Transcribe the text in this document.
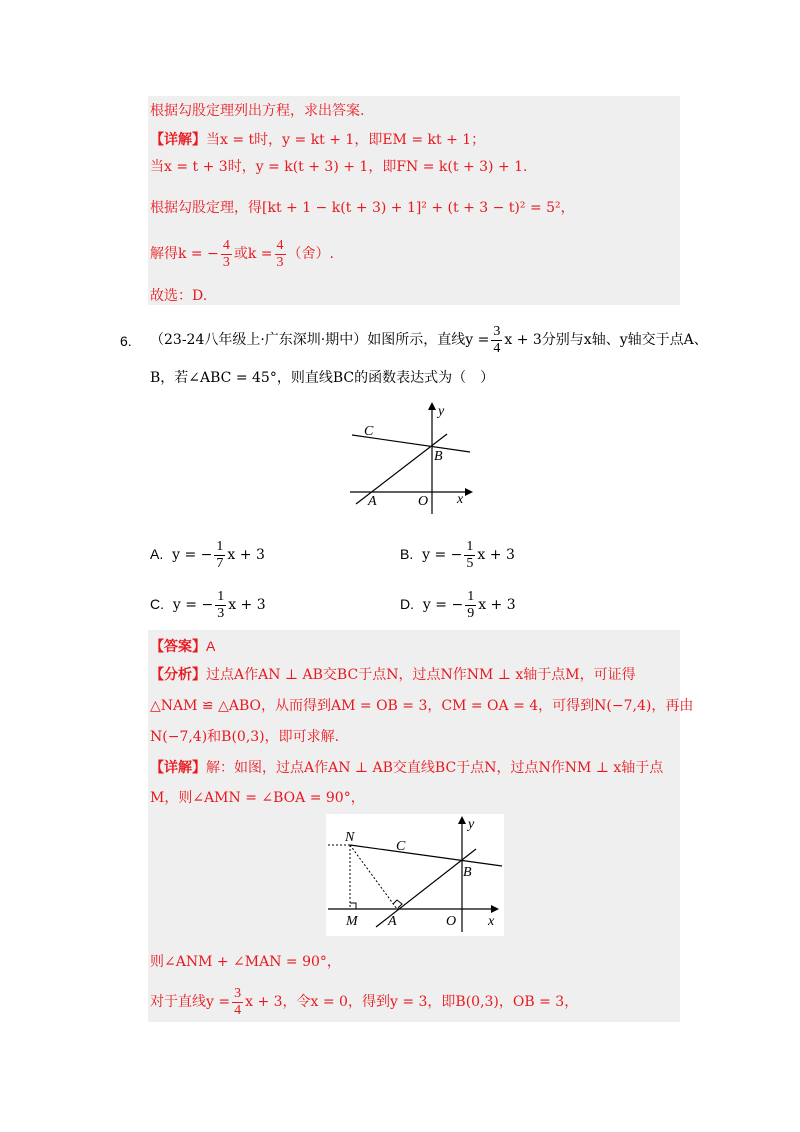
根据勾股定理列出方程，求出答案.
【详解】当x = t时，y = kt + 1，即EM = kt + 1；
当x = t + 3时，y = k(t + 3) + 1，即FN = k(t + 3) + 1.
根据勾股定理，得[kt + 1 − k(t + 3) + 1]² + (t + 3 − t)² = 5²，
解得k = − $\frac{4}{3}$ 或$k = \frac{4}{3}$ （舍）.
故选：D.
6. （23-24八年级上·广东深圳·期中）如图所示，直线$y = \frac{3}{4}$ x + 3分别与x轴、y轴交于点A、
B，若∠ABC = 45°，则直线BC的函数表达式为（　）
C
B
A	O x
y
A. y = − $\frac{1}{7}$ x + 3	B. y = − $\frac{1}{5}$ x + 3
C. y = − $\frac{1}{3}$ x + 3	D. y = − $\frac{1}{9}$ x + 3
【答案】A
【分析】过点A作AN ⊥ AB交BC于点N，过点N作NM ⊥ x轴于点M，可证得
△NAM ≌ △ABO，从而得到AM = OB = 3，CM = OA = 4，可得到N(−7,4)，再由
N(−7,4)和B(0,3)，即可求解.
【详解】解：如图，过点A作AN ⊥ AB交直线BC于点N，过点N作NM ⊥ x轴于点
M，则∠AMN = ∠BOA = 90°，
N
C
B
M A	O x
y
则∠ANM + ∠MAN = 90°，
对于直线$y = \frac{3}{4}$ x + 3，令x = 0，得到y = 3，即B(0,3)，OB = 3，
